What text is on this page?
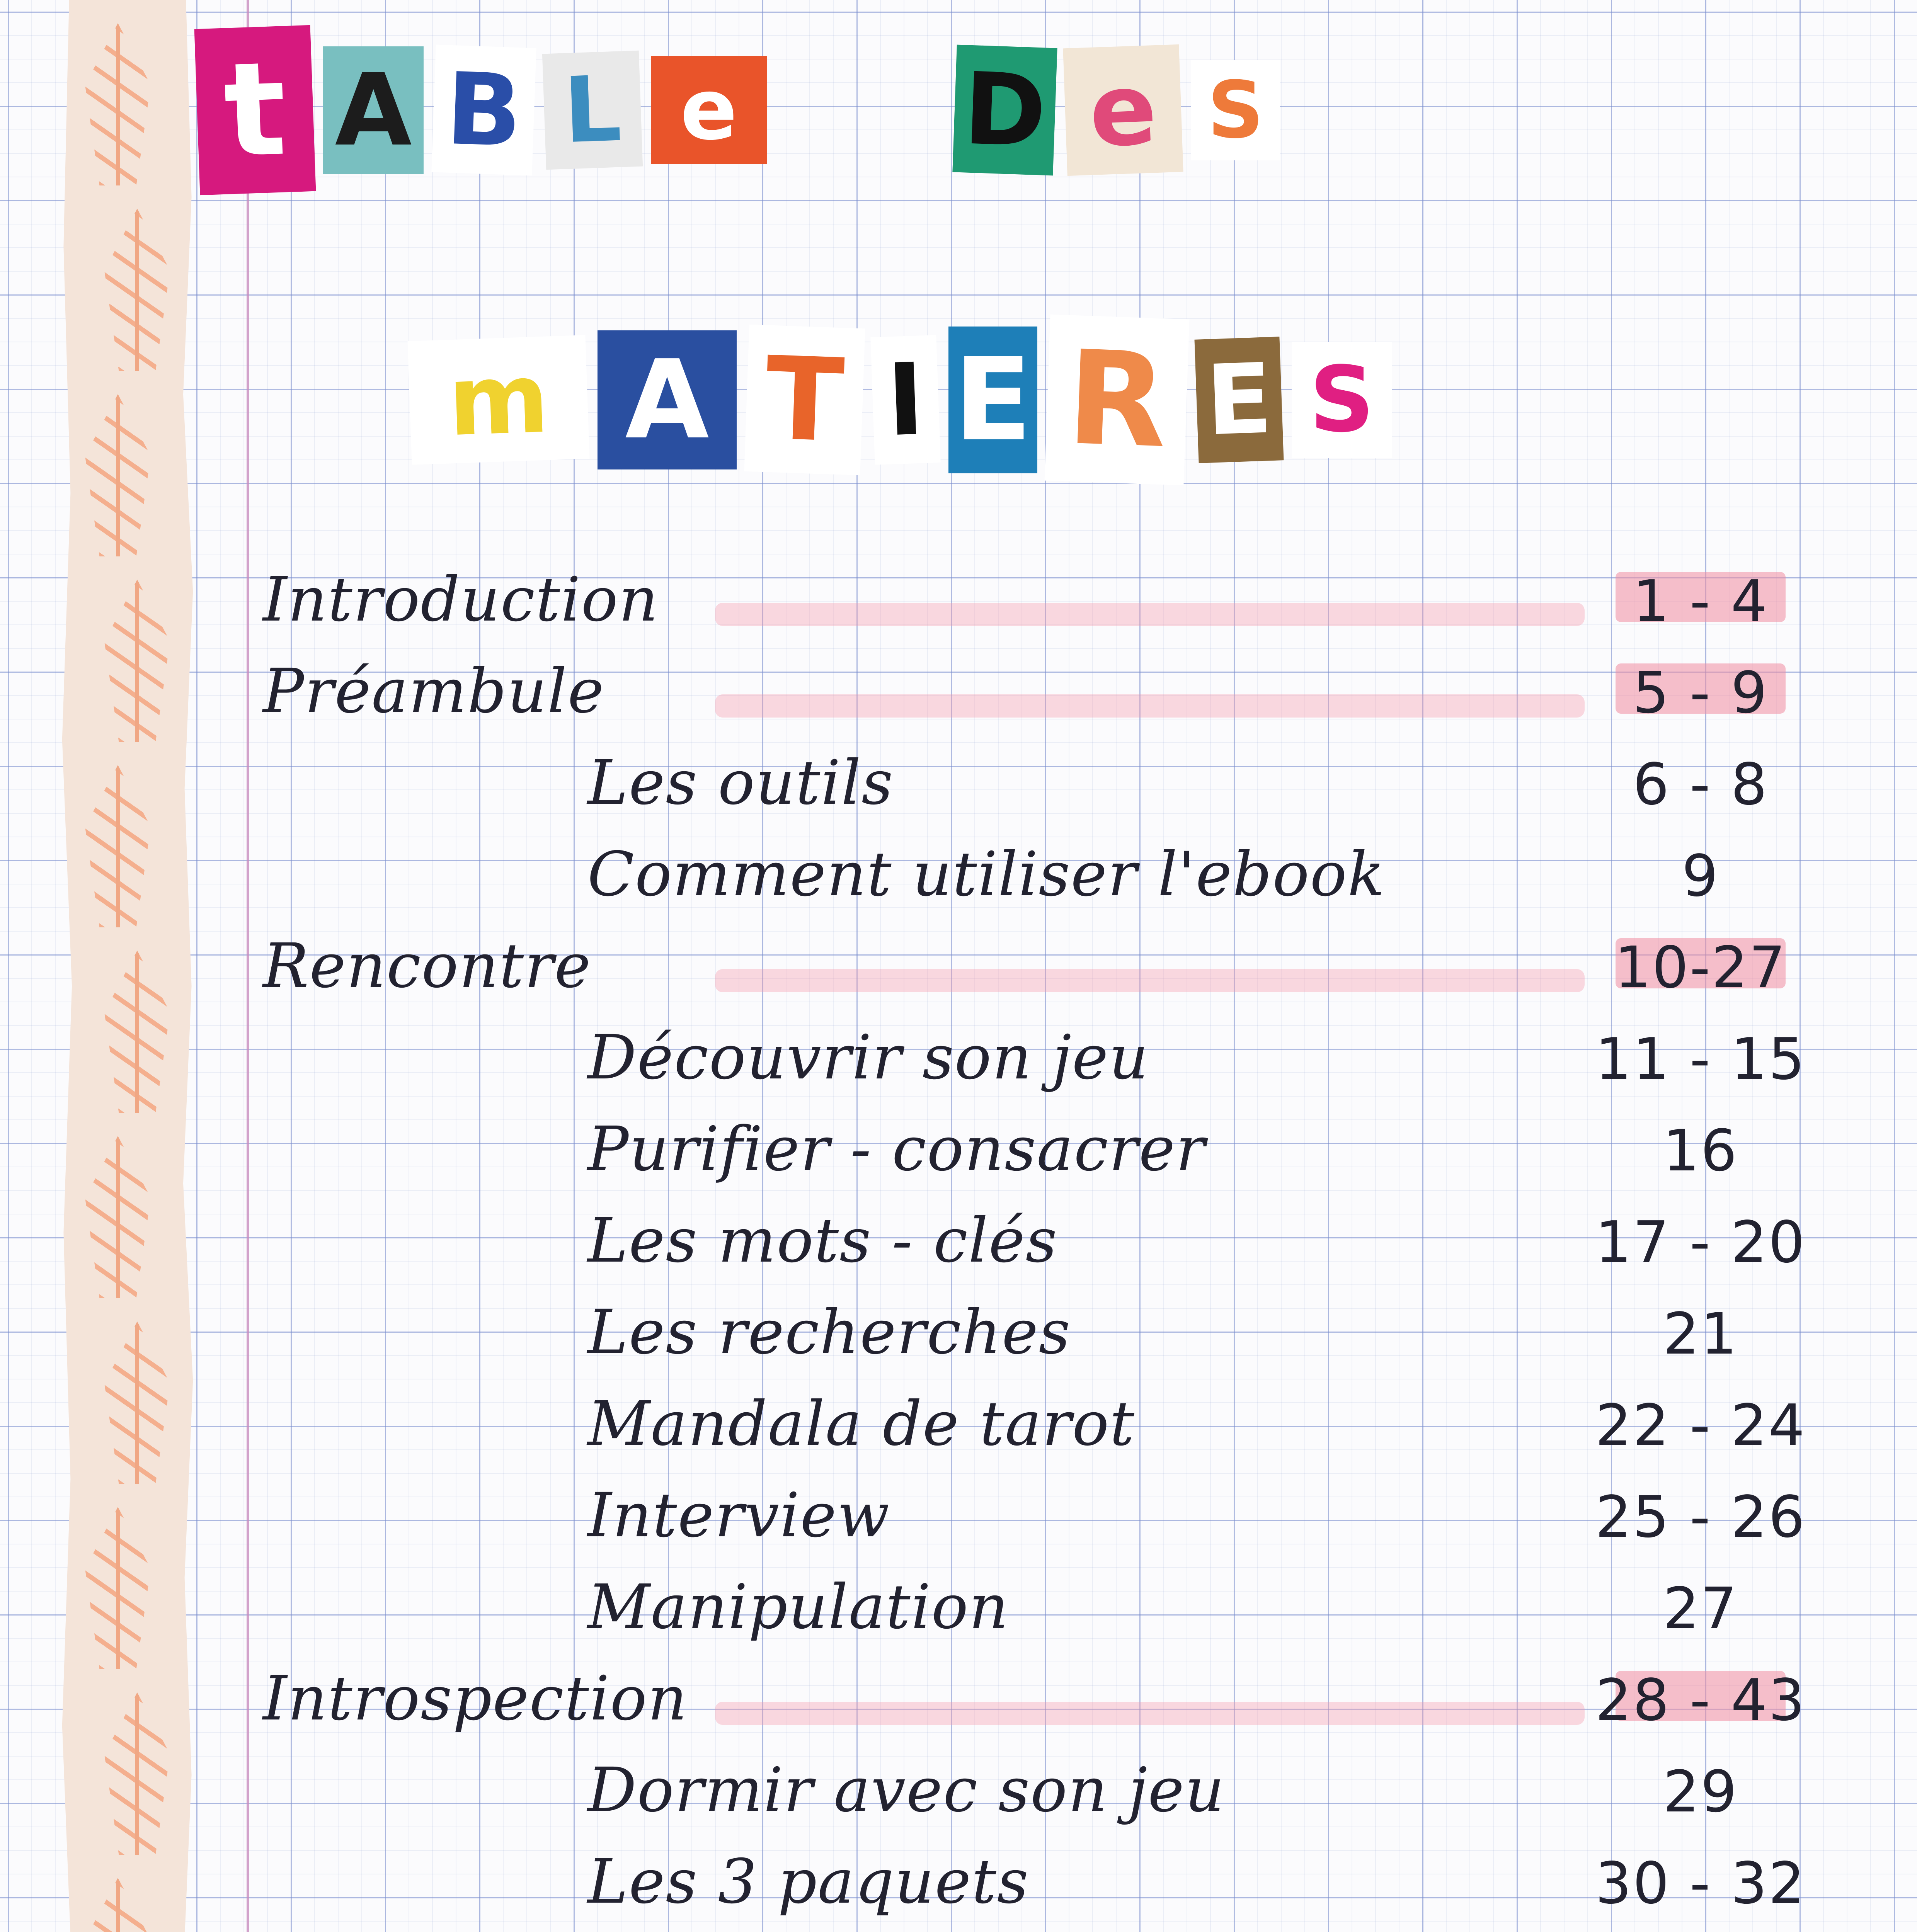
t A B L e D e S
m A T I E R E S
Introduction	1 - 4
Préambule	5 - 9
Les outils	6 - 8
Comment utiliser l'ebook	9
Rencontre	10-27
Découvrir son jeu	11 - 15
Purifier - consacrer	16
Les mots - clés	17 - 20
Les recherches	21
Mandala de tarot	22 - 24
Interview	25 - 26
Manipulation	27
Introspection	28 - 43
Dormir avec son jeu	29
Les 3 paquets	30 - 32
